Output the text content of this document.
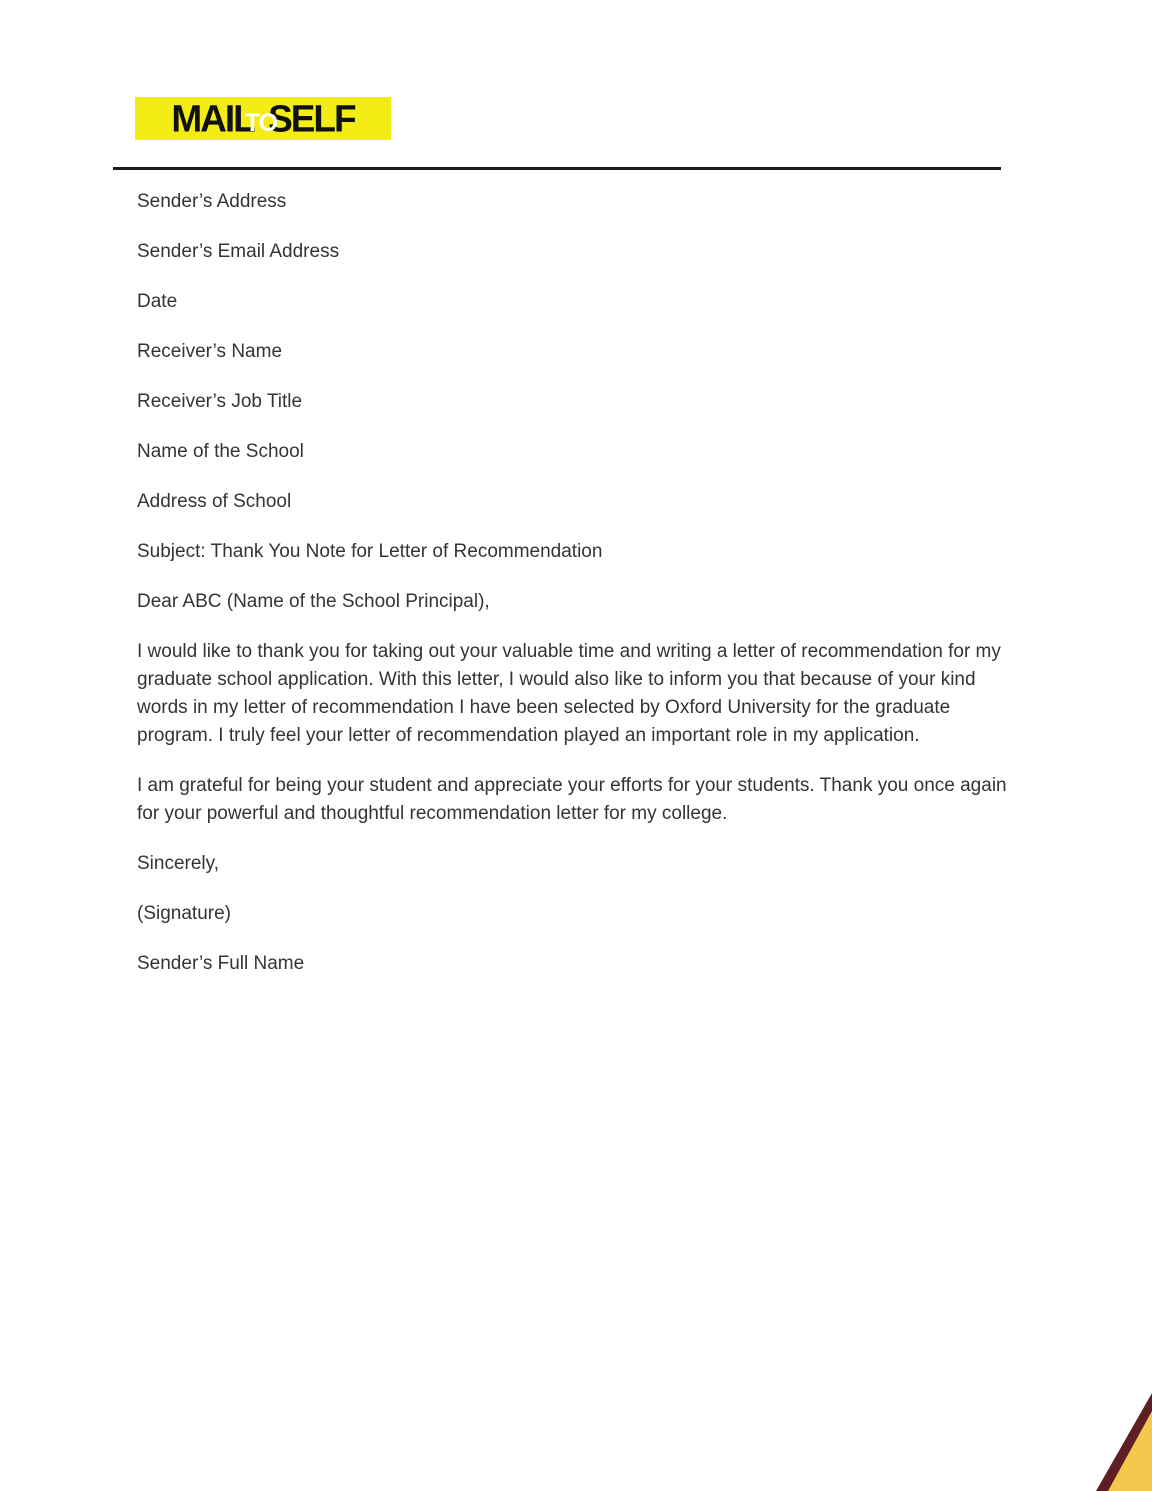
MAIL
TO
SELF

Sender’s Address

Sender’s Email Address

Date

Receiver’s Name

Receiver’s Job Title

Name of the School

Address of School

Subject: Thank You Note for Letter of Recommendation

Dear ABC (Name of the School Principal),

I would like to thank you for taking out your valuable time and writing a letter of recommendation for my graduate school application. With this letter, I would also like to inform you that because of your kind words in my letter of recommendation I have been selected by Oxford University for the graduate program. I truly feel your letter of recommendation played an important role in my application.

I am grateful for being your student and appreciate your efforts for your students. Thank you once again for your powerful and thoughtful recommendation letter for my college.

Sincerely,

(Signature)

Sender’s Full Name
